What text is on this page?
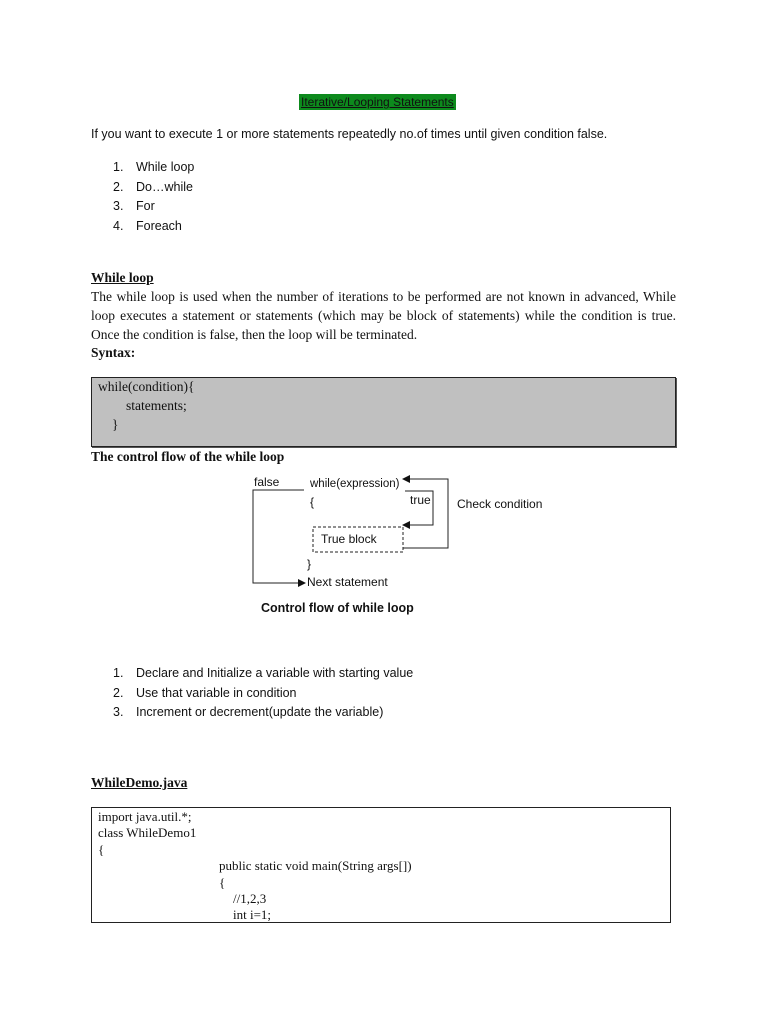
Iterative/Looping Statements
If you want to execute 1 or more statements repeatedly no.of times until given condition false.
1.	While loop
2.	Do…while
3.	For
4.	Foreach
While loop
The while loop is used when the number of iterations to be performed are not known in advanced, While loop executes a statement or statements (which may be block of statements) while the condition is true. Once the condition is false, then the loop will be terminated.
Syntax:
while(condition){
statements;
}
The control flow of the while loop
false	while(expression)
{	true Check condition
True block
}
Next statement
Control flow of while loop
1.	Declare and Initialize a variable with starting value
2.	Use that variable in condition
3.	Increment or decrement(update the variable)
WhileDemo.java
import java.util.*;
class WhileDemo1
{
public static void main(String args[])
{
//1,2,3
int i=1;
